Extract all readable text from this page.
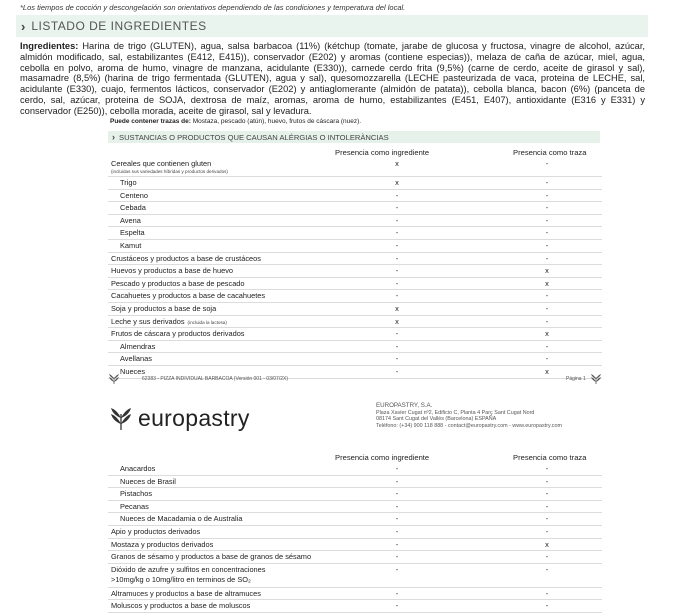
*Los tiempos de cocción y descongelación son orientativos dependiendo de las condiciones y temperatura del local.
› LISTADO DE INGREDIENTES
Ingredientes: Harina de trigo (GLUTEN), agua, salsa barbacoa (11%) (kétchup (tomate, jarabe de glucosa y fructosa, vinagre de alcohol, azúcar, almidón modificado, sal, estabilizantes (E412, E415)), conservador (E202) y aromas (contiene especias)), melaza de caña de azúcar, miel, agua, cebolla en polvo, aroma de humo, vinagre de manzana, acidulante (E330)), carnede cerdo frita (9,5%) (carne de cerdo, aceite de girasol y sal), masamadre (8,5%) (harina de trigo fermentada (GLUTEN), agua y sal), quesomozzarella (LECHE pasteurizada de vaca, proteina de LECHE, sal, acidulante (E330), cuajo, fermentos lácticos, conservador (E202) y antiaglomerante (almidón de patata)), cebolla blanca, bacon (6%) (panceta de cerdo, sal, azúcar, proteina de SOJA, dextrosa de maíz, aromas, aroma de humo, estabilizantes (E451, E407), antioxidante (E316 y E331) y conservador (E250)), cebolla morada, aceite de girasol, sal y levadura.
Puede contener trazas de: Mostaza, pescado (atún), huevo, frutos de cáscara (nuez).
› SUSTANCIAS O PRODUCTOS QUE CAUSAN ALÉRGIAS O INTOLERÀNCIAS
Presencia como ingrediente	Presencia como traza
Cereales que contienen gluten
(incluidas sus variedades híbridas y productos derivados)
x	-
Trigo	x	-
Centeno	-	-
Cebada	-	-
Avena	-	-
Espelta	-	-
Kamut	-	-
Crustáceos y productos a base de crustáceos	-	-
Huevos y productos a base de huevo	-	x
Pescado y productos a base de pescado	-	x
Cacahuetes y productos a base de cacahuetes	-	-
Soja y productos a base de soja	x	-
Leche y sus derivados (incluida la lactosa)	x	-
Frutos de cáscara y productos derivados	-	x
Almendras	-	-
Avellanas	-	-
Nueces	-	x
62383 - PIZZA INDIVIDUAL BARBACOA (Versión 001 - 03/07/2X)	Página 1
europastry	EUROPASTRY, S.A.
Plaza Xavier Cugat nº2, Edificio C, Planta 4 Parç Sant Cugat Nord
08174 Sant Cugat del Vallès (Barcelona) ESPAÑA
Teléfono: (+34) 900 118 888 - contact@europastry.com - www.europastry.com
Presencia como ingrediente	Presencia como traza
Anacardos	-	-
Nueces de Brasil	-	-
Pistachos	-	-
Pecanas	-	-
Nueces de Macadamia o de Australia	-	-
Apio y productos derivados	-	-
Mostaza y productos derivados	-	x
Granos de sésamo y productos a base de granos de sésamo	-	-
Dióxido de azufre y sulfitos en concentraciones
>10mg/kg o 10mg/litro en terminos de SO₂
-	-
Altramuces y productos a base de altramuces	-	-
Moluscos y productos a base de moluscos	-	-
